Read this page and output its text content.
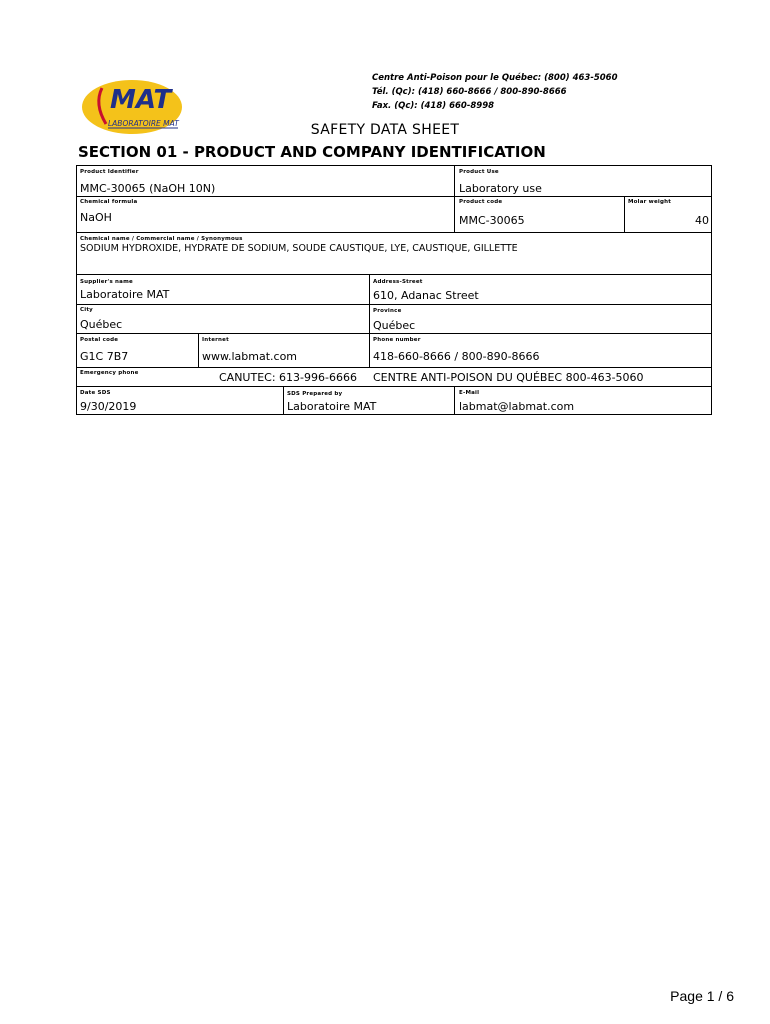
MAT
LABORATOIRE MAT
Centre Anti-Poison pour le Québec: (800) 463-5060
Tél. (Qc): (418) 660-8666 / 800-890-8666
Fax. (Qc): (418) 660-8998
SAFETY DATA SHEET
SECTION 01 - PRODUCT AND COMPANY IDENTIFICATION
Product Identifier
MMC-30065 (NaOH 10N)
Product Use
Laboratory use
Chemical formula
NaOH
Product code
MMC-30065
Molar weight
40
Chemical name / Commercial name / Synonymous
SODIUM HYDROXIDE, HYDRATE DE SODIUM, SOUDE CAUSTIQUE, LYE, CAUSTIQUE, GILLETTE
Supplier's name
Laboratoire MAT
Address-Street
610, Adanac Street
City
Québec
Province
Québec
Postal code
G1C 7B7
Internet
www.labmat.com
Phone number
418-660-8666 / 800-890-8666
Emergency phone	CANUTEC: 613-996-6666 CENTRE ANTI-POISON DU QUÉBEC 800-463-5060
Date SDS
9/30/2019
SDS Prepared by
Laboratoire MAT
E-Mail
labmat@labmat.com
Page 1 / 6
